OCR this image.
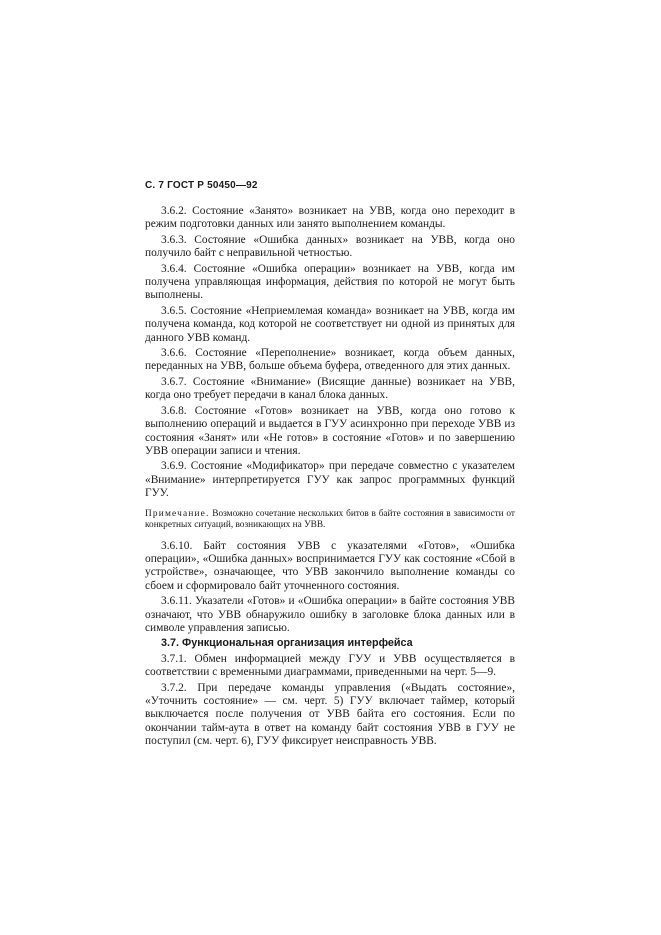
С. 7 ГОСТ Р 50450—92

3.6.2. Состояние «Занято» возникает на УВВ, когда оно переходит в режим подготовки данных или занято выполнением команды.

3.6.3. Состояние «Ошибка данных» возникает на УВВ, когда оно получило байт с неправильной четностью.

3.6.4. Состояние «Ошибка операции» возникает на УВВ, когда им получена управляющая информация, действия по которой не могут быть выполнены.

3.6.5. Состояние «Неприемлемая команда» возникает на УВВ, когда им получена команда, код которой не соответствует ни одной из принятых для данного УВВ команд.

3.6.6. Состояние «Переполнение» возникает, когда объем данных, переданных на УВВ, больше объема буфера, отведенного для этих данных.

3.6.7. Состояние «Внимание» (Висящие данные) возникает на УВВ, когда оно требует передачи в канал блока данных.

3.6.8. Состояние «Готов» возникает на УВВ, когда оно готово к выполнению операций и выдается в ГУУ асинхронно при переходе УВВ из состояния «Занят» или «Не готов» в состояние «Готов» и по завершению УВВ операции записи и чтения.

3.6.9. Состояние «Модификатор» при передаче совместно с указателем «Внимание» интерпретируется ГУУ как запрос программных функций ГУУ.

Примечание. Возможно сочетание нескольких битов в байте состояния в зависимости от конкретных ситуаций, возникающих на УВВ.

3.6.10. Байт состояния УВВ с указателями «Готов», «Ошибка операции», «Ошибка данных» воспринимается ГУУ как состояние «Сбой в устройстве», означающее, что УВВ закончило выполнение команды со сбоем и сформировало байт уточненного состояния.

3.6.11. Указатели «Готов» и «Ошибка операции» в байте состояния УВВ означают, что УВВ обнаружило ошибку в заголовке блока данных или в символе управления записью.

3.7. Функциональная организация интерфейса

3.7.1. Обмен информацией между ГУУ и УВВ осуществляется в соответствии с временными диаграммами, приведенными на черт. 5—9.

3.7.2. При передаче команды управления («Выдать состояние», «Уточнить состояние» — см. черт. 5) ГУУ включает таймер, который выключается после получения от УВВ байта его состояния. Если по окончании тайм-аута в ответ на команду байт состояния УВВ в ГУУ не поступил (см. черт. 6), ГУУ фиксирует неисправность УВВ.
